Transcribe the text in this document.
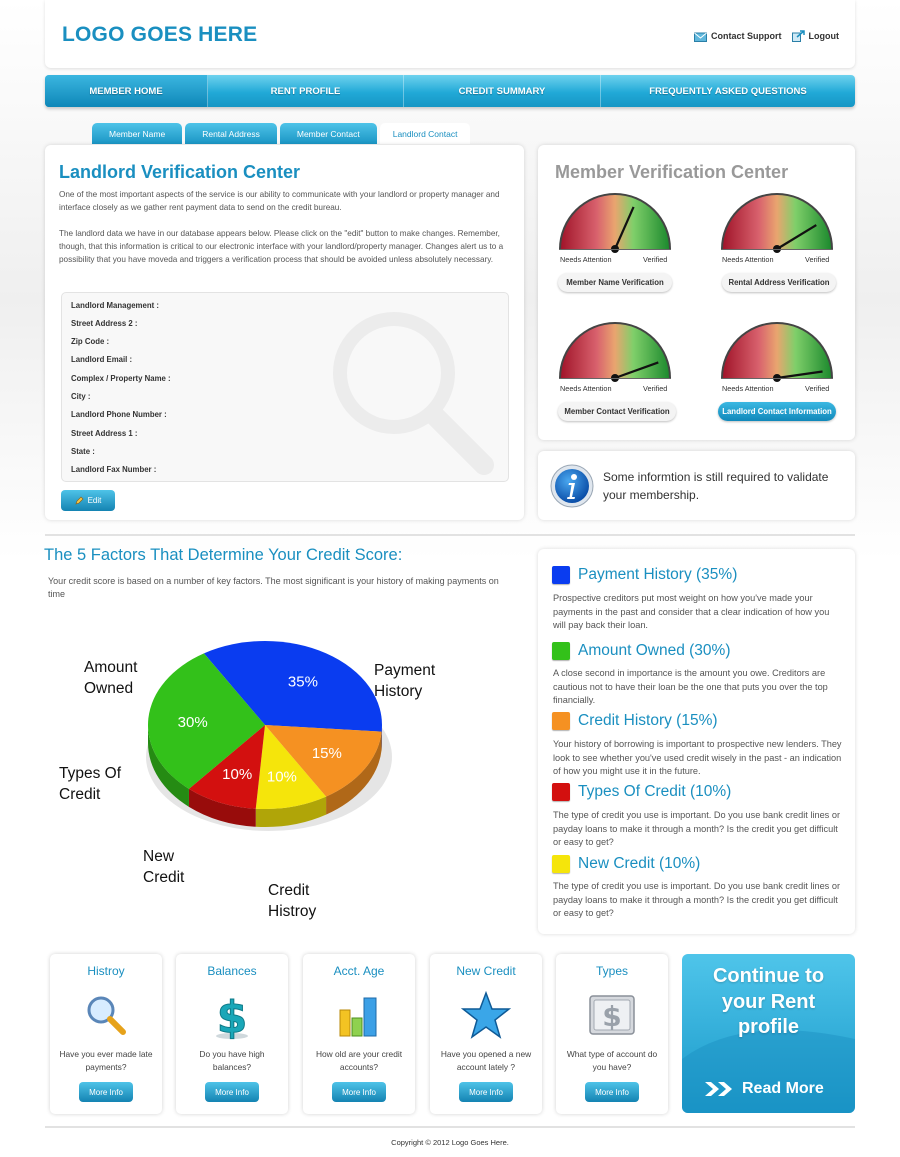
LOGO GOES HERE	Contact Support	Logout
MEMBER HOME	RENT PROFILE	CREDIT SUMMARY	FREQUENTLY ASKED QUESTIONS
Member Name	Rental Address	Member Contact	Landlord Contact
Landlord Verification Center

One of the most important aspects of the service is our ability to communicate with your landlord or property manager and interface closely as we gather rent payment data to send on the credit bureau.

The landlord data we have in our database appears below. Please click on the "edit" button to make changes. Remember, though, that this information is critical to our electronic interface with your landlord/property manager. Changes alert us to a possibility that you have moveda and triggers a verification process that should be avoided unless absolutely necessary.

Landlord Management :
Street Address 2 :
Zip Code :
Landlord Email :
Complex / Property Name :
City :
Landlord Phone Number :
Street Address 1 :
State :
Landlord Fax Number :
Edit
Member Verification Center
Needs Attention	Verified
Member Name Verification
Needs Attention	Verified
Rental Address Verification
Needs Attention	Verified
Member Contact Verification
Needs Attention	Verified
Landlord Contact Information
Some informtion is still required to validate your membership.
The 5 Factors That Determine Your Credit Score:
Your credit score is based on a number of key factors. The most significant is your history of making payments on time
35%
15%
10%
10%
30%
Payment
History
Amount
Owned
Types Of
Credit
New
Credit
Credit
Histroy
Payment History (35%)
Prospective creditors put most weight on how you've made your payments in the past and consider that a clear indication of how you will pay back their loan.
Amount Owned (30%)
A close second in importance is the amount you owe. Creditors are cautious not to have their loan be the one that puts you over the top financially.
Credit History (15%)
Your history of borrowing is important to prospective new lenders. They look to see whether you've used credit wisely in the past - an indication of how you might use it in the future.
Types Of Credit (10%)
The type of credit you use is important. Do you use bank credit lines or payday loans to make it through a month? Is the credit you get difficult or easy to get?
New Credit (10%)
The type of credit you use is important. Do you use bank credit lines or payday loans to make it through a month? Is the credit you get difficult or easy to get?
Histroy
Have you ever made late payments?
More Info
Balances
$
Do you have high balances?
More Info
Acct. Age
How old are your credit accounts?
More Info
New Credit
Have you opened a new account lately ?
More Info
Types
$
What type of account do you have?
More Info
Continue to your Rent profile
Read More
Copyright © 2012 Logo Goes Here.
